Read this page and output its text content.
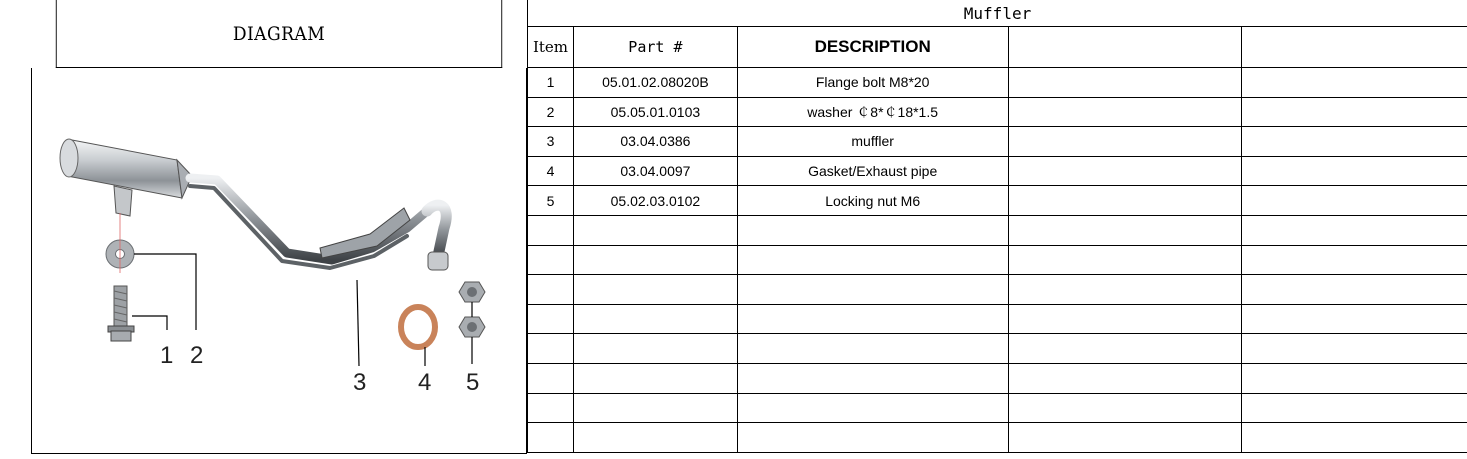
DIAGRAM
1 2
3 4 5
Muffler				
Item	Part #	DESCRIPTION		
1	05.01.02.08020B	Flange bolt M8*20		
2	05.05.01.0103	washer ￠8*￠18*1.5		
3	03.04.0386	muffler		
4	03.04.0097	Gasket/Exhaust pipe		
5	05.02.03.0102	Locking nut M6		
